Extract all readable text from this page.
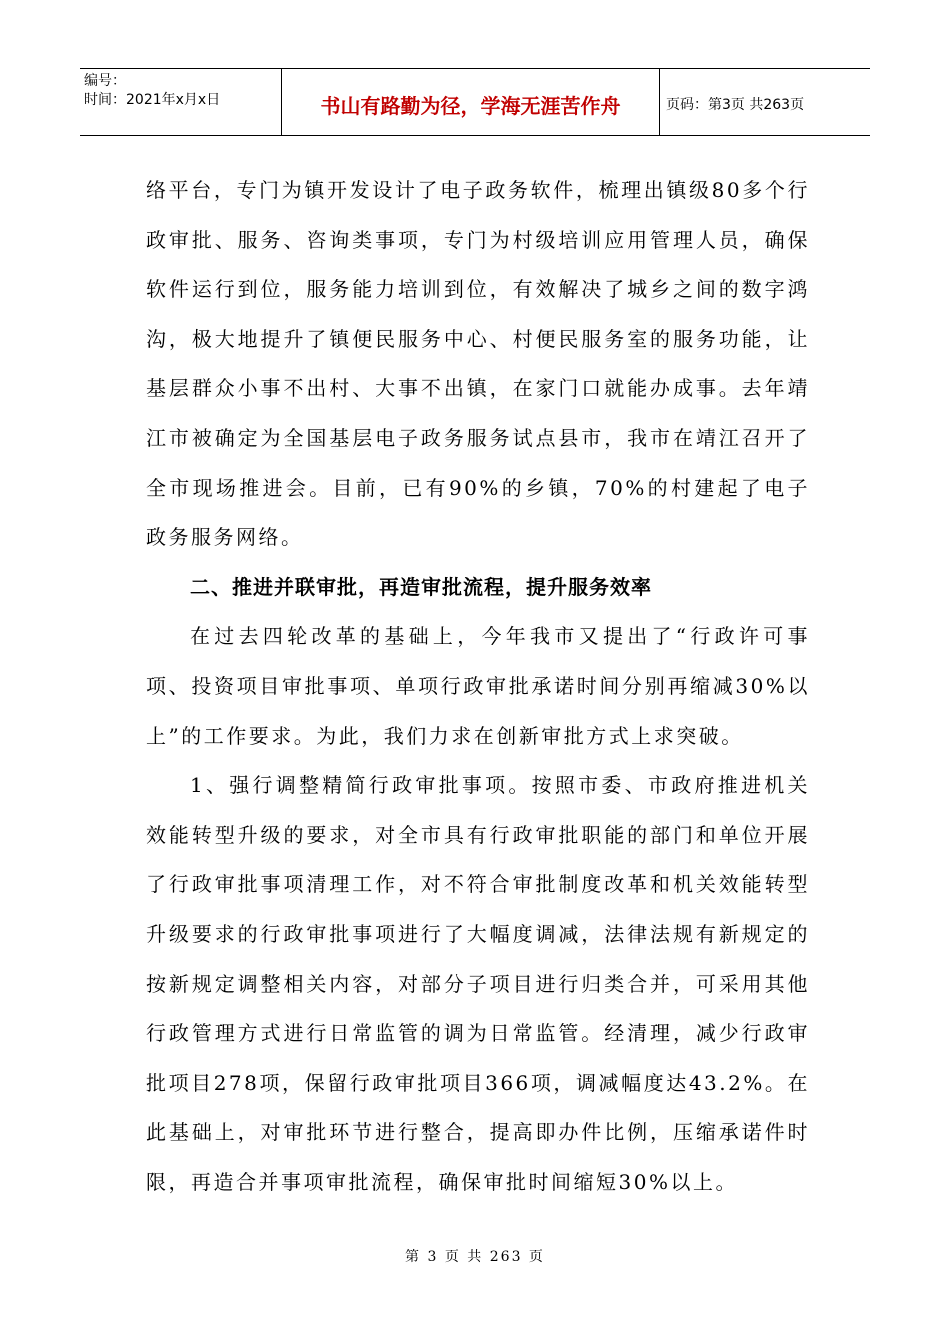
编号：
时间：2021年x月x日	书山有路勤为径，学海无涯苦作舟	页码：第3页 共263页

络平台，专门为镇开发设计了电子政务软件，梳理出镇级80多个行政审批、服务、咨询类事项，专门为村级培训应用管理人员，确保软件运行到位，服务能力培训到位，有效解决了城乡之间的数字鸿沟，极大地提升了镇便民服务中心、村便民服务室的服务功能，让基层群众小事不出村、大事不出镇，在家门口就能办成事。去年靖江市被确定为全国基层电子政务服务试点县市，我市在靖江召开了全市现场推进会。目前，已有90%的乡镇，70%的村建起了电子政务服务网络。

二、推进并联审批，再造审批流程，提升服务效率

在过去四轮改革的基础上，今年我市又提出了“行政许可事项、投资项目审批事项、单项行政审批承诺时间分别再缩减30%以上”的工作要求。为此，我们力求在创新审批方式上求突破。

1、强行调整精简行政审批事项。按照市委、市政府推进机关效能转型升级的要求，对全市具有行政审批职能的部门和单位开展了行政审批事项清理工作，对不符合审批制度改革和机关效能转型升级要求的行政审批事项进行了大幅度调减，法律法规有新规定的按新规定调整相关内容，对部分子项目进行归类合并，可采用其他行政管理方式进行日常监管的调为日常监管。经清理，减少行政审批项目278项，保留行政审批项目366项，调减幅度达43.2%。在此基础上，对审批环节进行整合，提高即办件比例，压缩承诺件时限，再造合并事项审批流程，确保审批时间缩短30%以上。

第 3 页 共 263 页
